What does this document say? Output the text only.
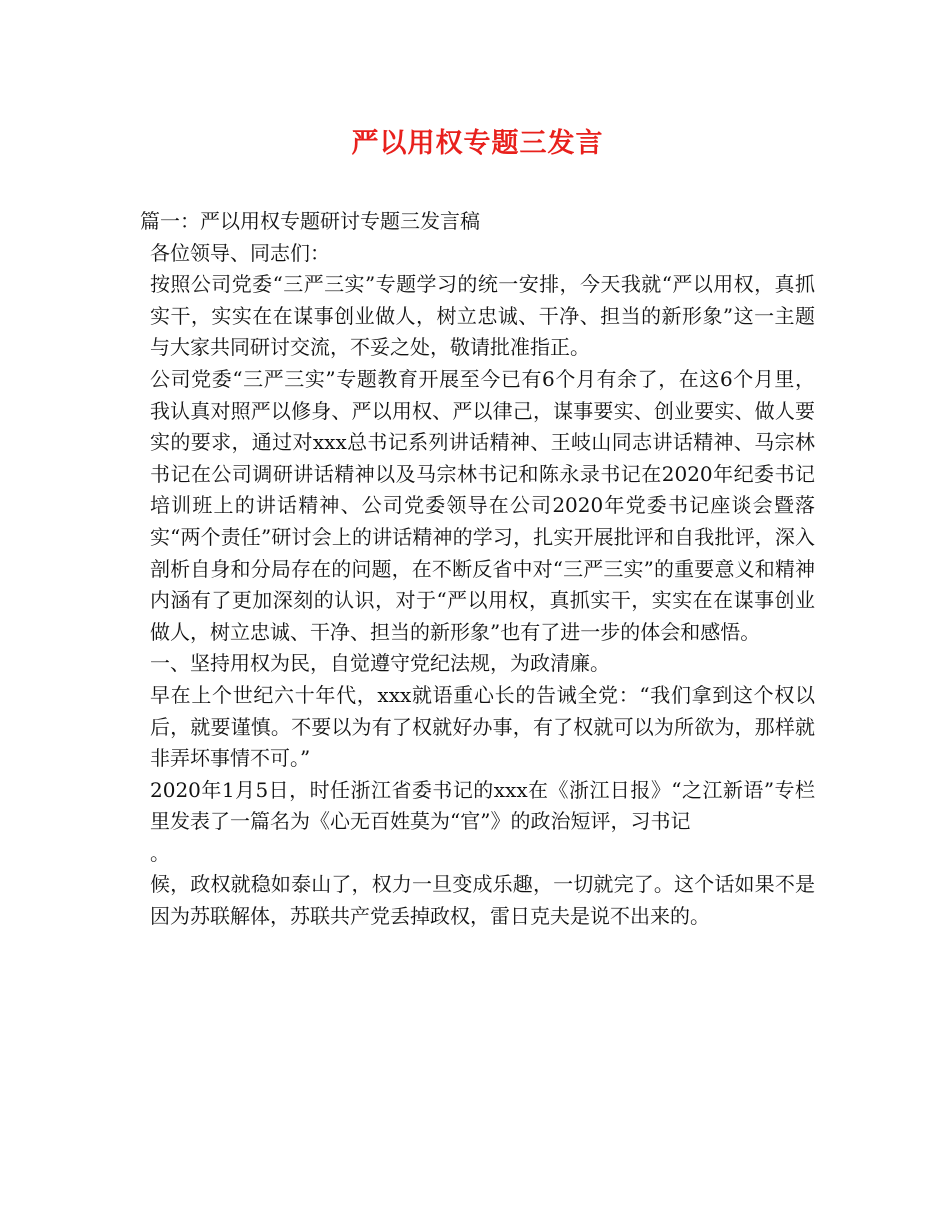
严以用权专题三发言

篇一：严以用权专题研讨专题三发言稿

各位领导、同志们：

按照公司党委“三严三实”专题学习的统一安排，今天我就“严以用权，真抓实干，实实在在谋事创业做人，树立忠诚、干净、担当的新形象”这一主题与大家共同研讨交流，不妥之处，敬请批准指正。

公司党委“三严三实”专题教育开展至今已有6个月有余了，在这6个月里，我认真对照严以修身、严以用权、严以律己，谋事要实、创业要实、做人要实的要求，通过对xxx总书记系列讲话精神、王岐山同志讲话精神、马宗林书记在公司调研讲话精神以及马宗林书记和陈永录书记在2020年纪委书记培训班上的讲话精神、公司党委领导在公司2020年党委书记座谈会暨落实“两个责任”研讨会上的讲话精神的学习，扎实开展批评和自我批评，深入剖析自身和分局存在的问题，在不断反省中对“三严三实”的重要意义和精神内涵有了更加深刻的认识，对于“严以用权，真抓实干，实实在在谋事创业做人，树立忠诚、干净、担当的新形象”也有了进一步的体会和感悟。

一、坚持用权为民，自觉遵守党纪法规，为政清廉。

早在上个世纪六十年代，xxx就语重心长的告诫全党：“我们拿到这个权以后，就要谨慎。不要以为有了权就好办事，有了权就可以为所欲为，那样就非弄坏事情不可。”

2020年1月5日，时任浙江省委书记的xxx在《浙江日报》“之江新语”专栏里发表了一篇名为《心无百姓莫为“官”》的政治短评，习书记

。

候，政权就稳如泰山了，权力一旦变成乐趣，一切就完了。这个话如果不是因为苏联解体，苏联共产党丢掉政权，雷日克夫是说不出来的。
